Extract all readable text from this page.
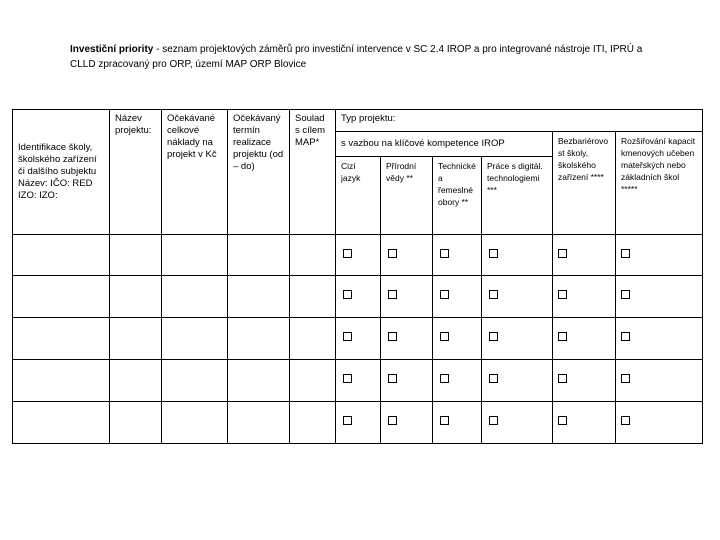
Investiční priority - seznam projektových záměrů pro investiční intervence v SC 2.4 IROP a pro integrované nástroje ITI, IPRÚ a CLLD zpracovaný pro ORP, území MAP ORP Blovice
Identifikace školy, školského zařízení či dalšího subjektu Název: IČO: RED IZO: IZO:	Název projektu:	Očekávané celkové náklady na projekt v Kč	Očekávaný termín realizace projektu (od – do)	Soulad s cílem MAP*	Typ projektu:					
					s vazbou na klíčové kompetence IROP				Bezbariérovost školy, školského zařízení ****	Rozšiřování kapacit kmenových učeben mateřských nebo základních škol *****
					Cizí jazyk	Přírodní vědy **	Technické a řemeslné obory **	Práce s digitál. technologiemi ***		
